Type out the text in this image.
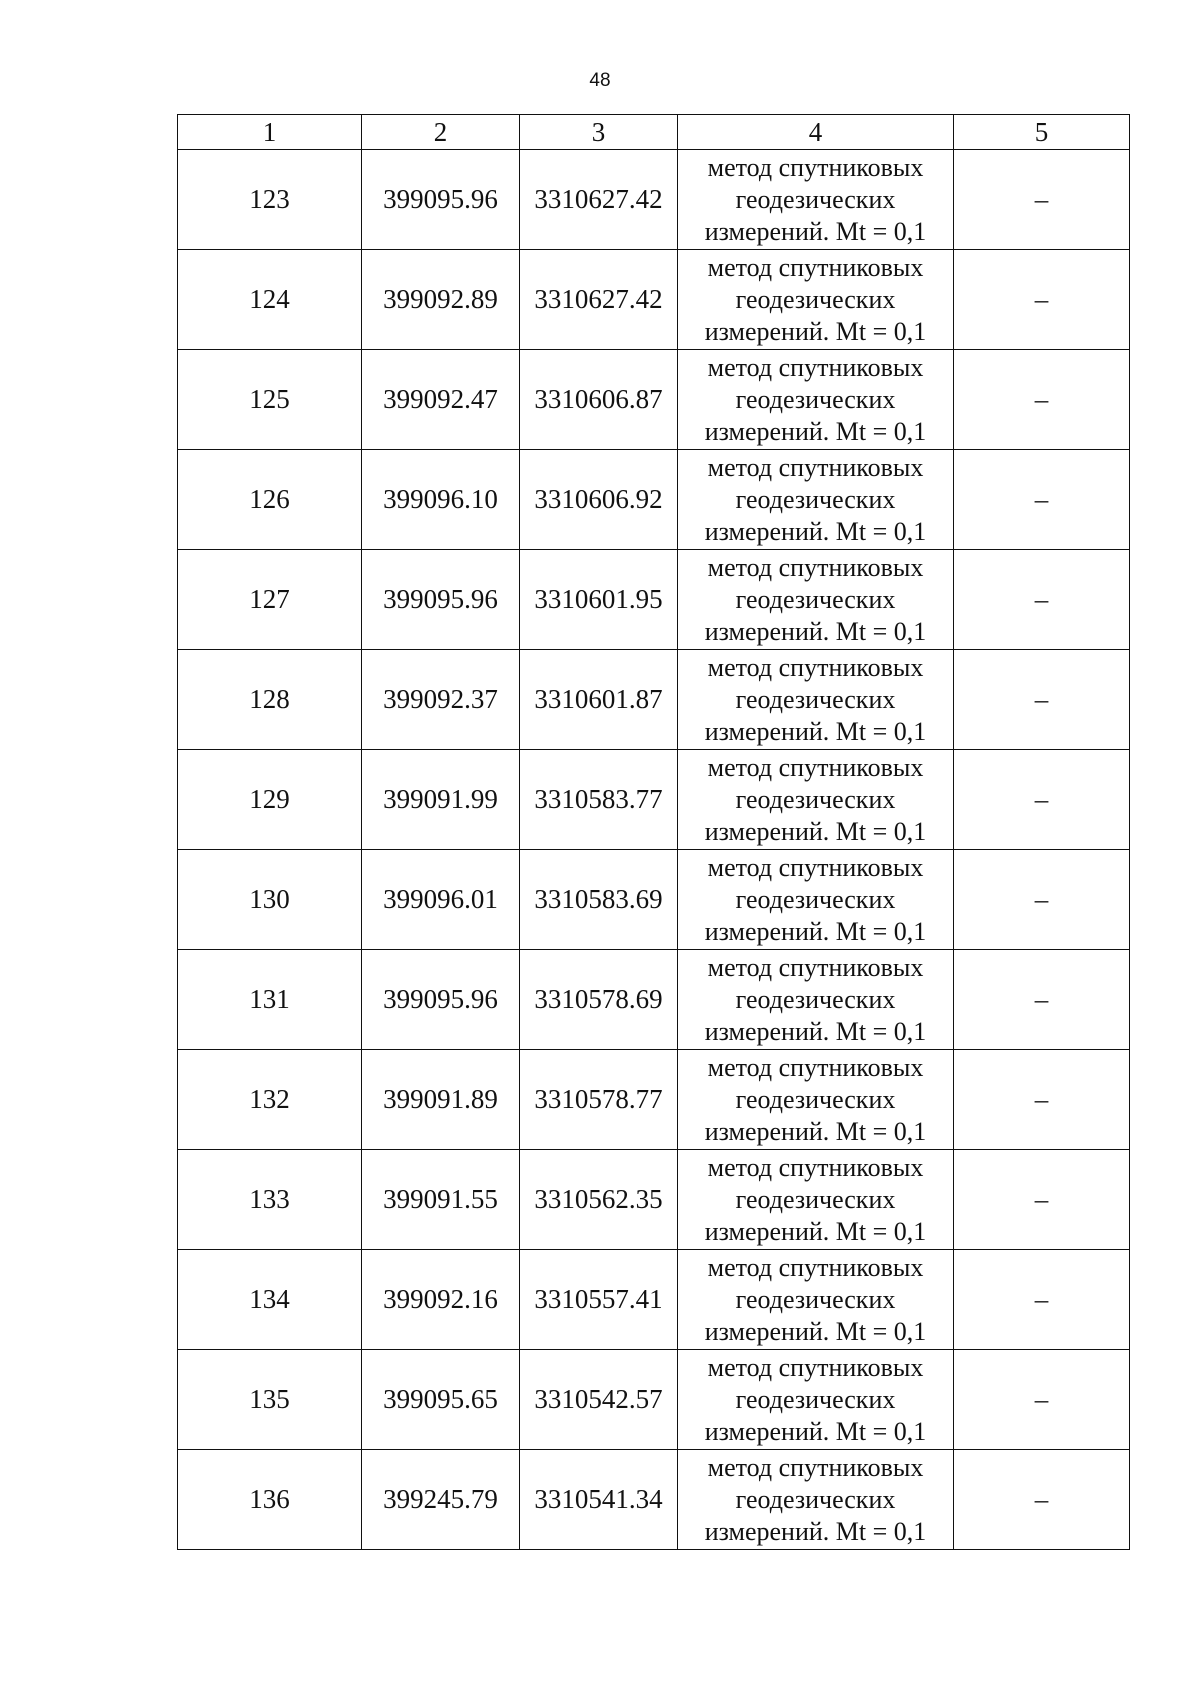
48
1	2	3	4	5
123	399095.96	3310627.42	метод спутниковых
геодезических
измерений. Mt = 0,1	–
124	399092.89	3310627.42	метод спутниковых
геодезических
измерений. Mt = 0,1	–
125	399092.47	3310606.87	метод спутниковых
геодезических
измерений. Mt = 0,1	–
126	399096.10	3310606.92	метод спутниковых
геодезических
измерений. Mt = 0,1	–
127	399095.96	3310601.95	метод спутниковых
геодезических
измерений. Mt = 0,1	–
128	399092.37	3310601.87	метод спутниковых
геодезических
измерений. Mt = 0,1	–
129	399091.99	3310583.77	метод спутниковых
геодезических
измерений. Mt = 0,1	–
130	399096.01	3310583.69	метод спутниковых
геодезических
измерений. Mt = 0,1	–
131	399095.96	3310578.69	метод спутниковых
геодезических
измерений. Mt = 0,1	–
132	399091.89	3310578.77	метод спутниковых
геодезических
измерений. Mt = 0,1	–
133	399091.55	3310562.35	метод спутниковых
геодезических
измерений. Mt = 0,1	–
134	399092.16	3310557.41	метод спутниковых
геодезических
измерений. Mt = 0,1	–
135	399095.65	3310542.57	метод спутниковых
геодезических
измерений. Mt = 0,1	–
136	399245.79	3310541.34	метод спутниковых
геодезических
измерений. Mt = 0,1	–
